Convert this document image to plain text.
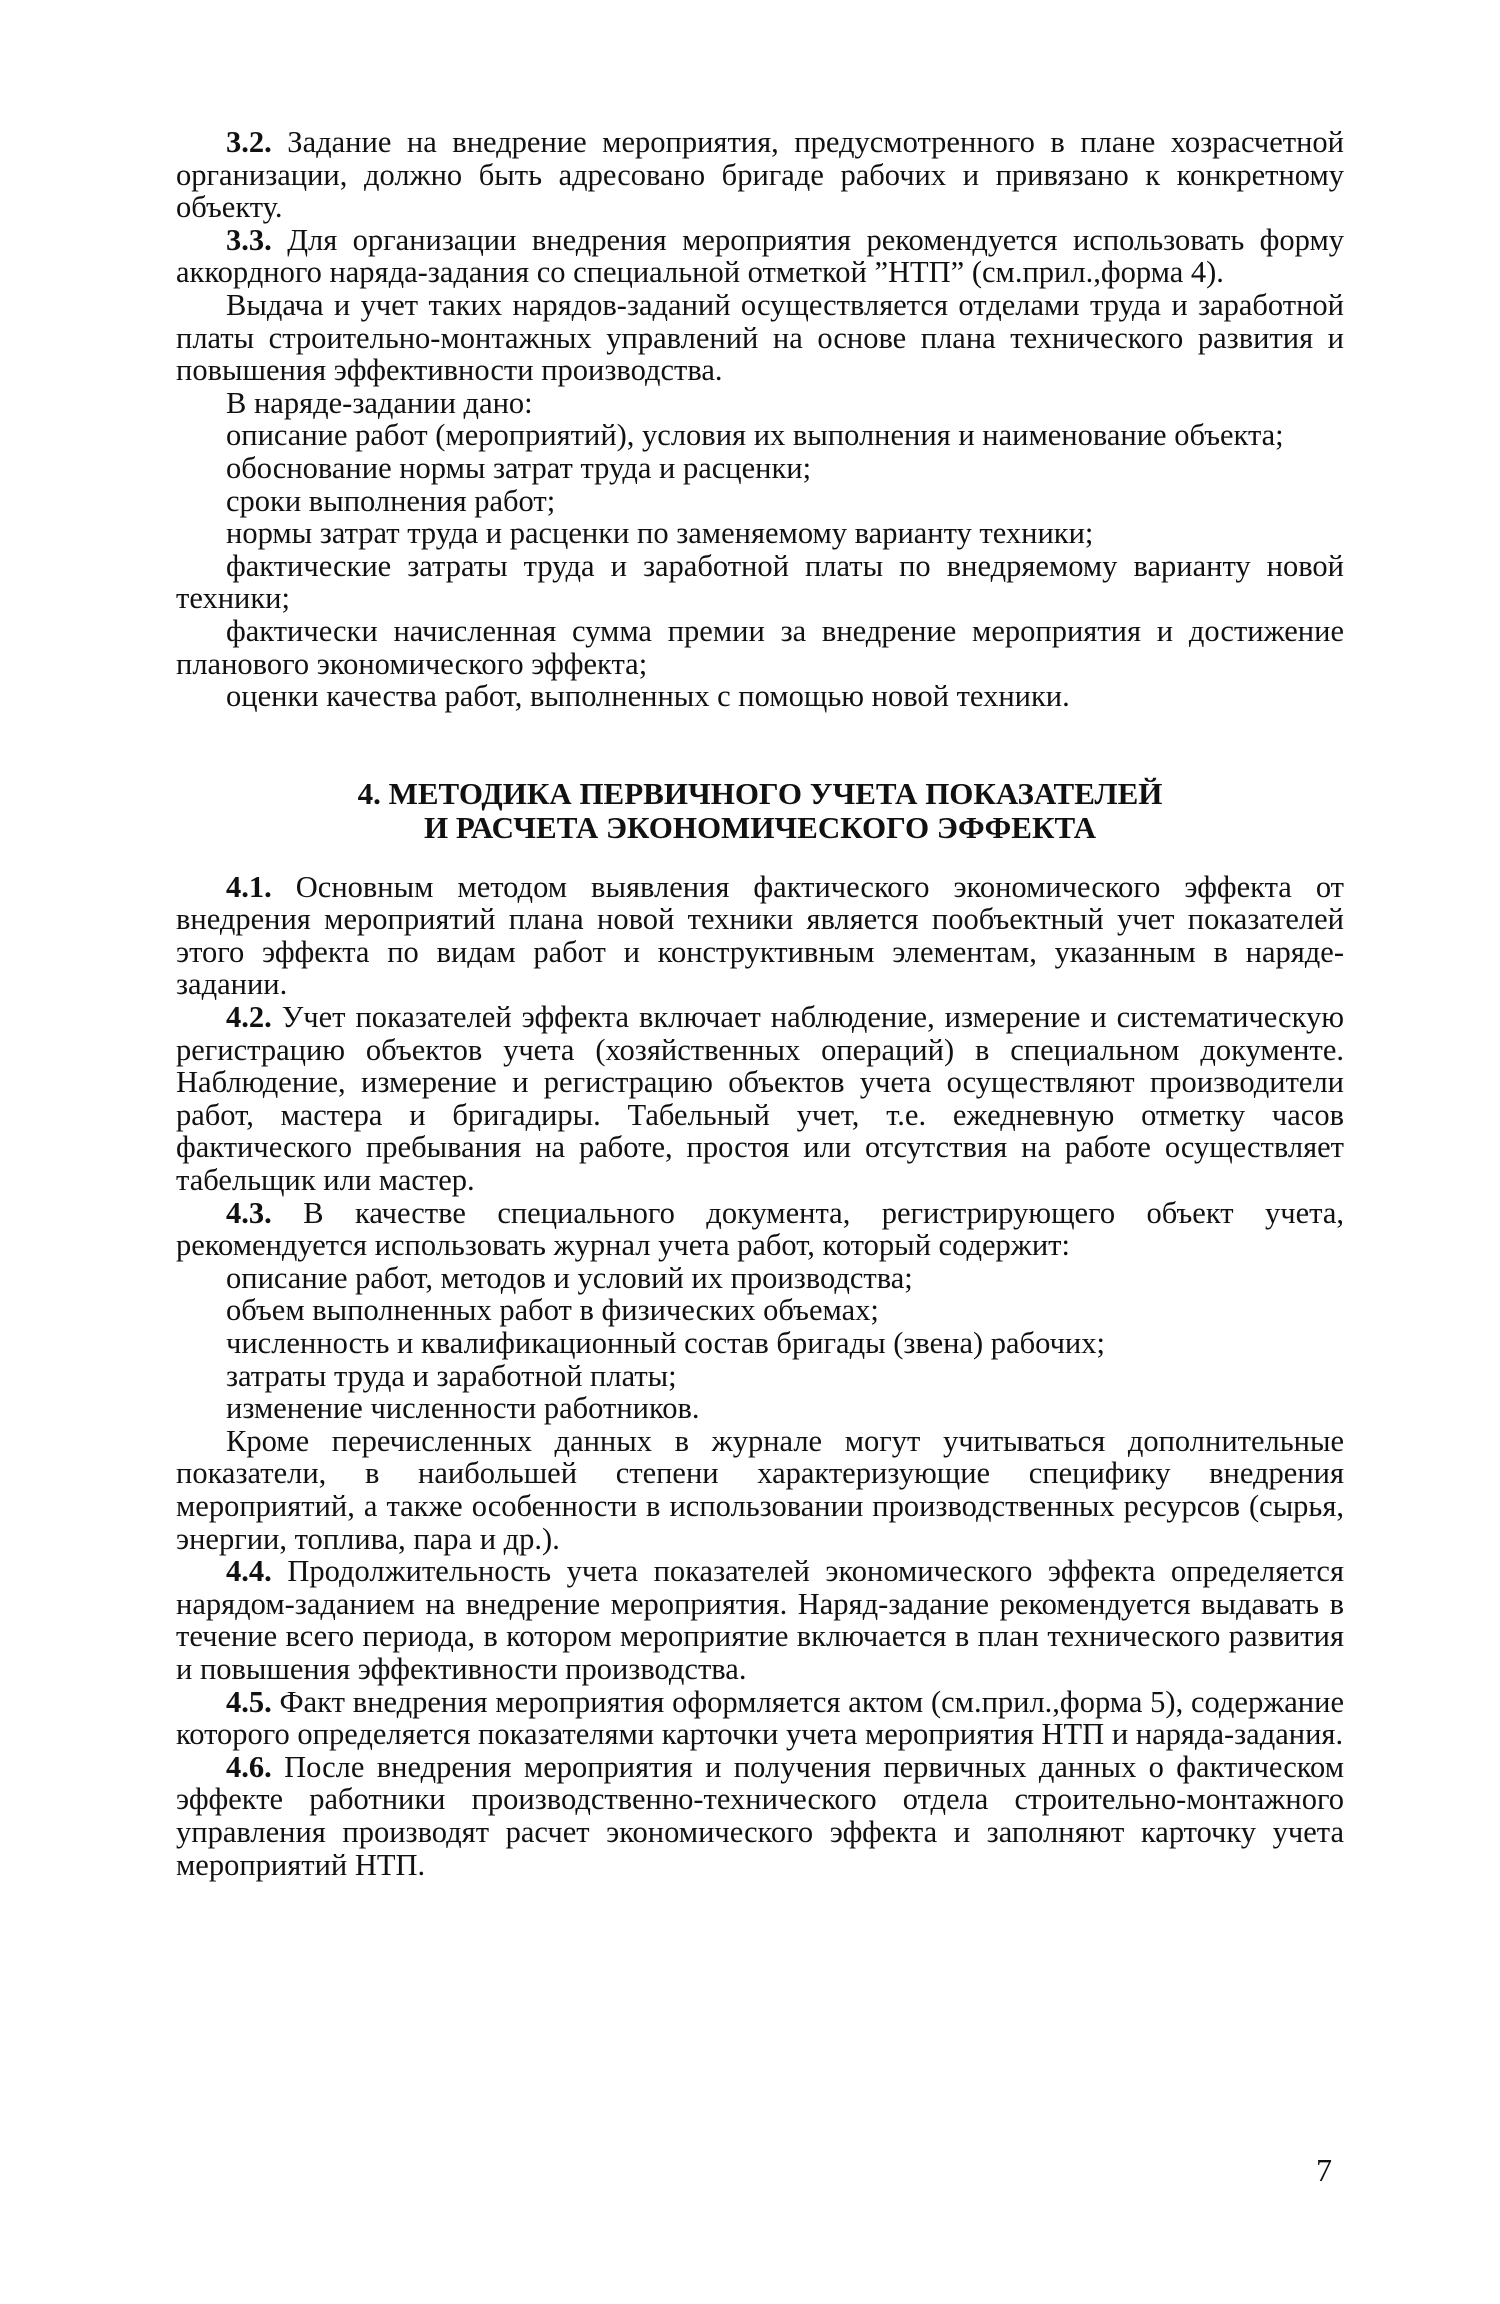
3.2. Задание на внедрение мероприятия, предусмотренного в плане хозрасчетной организации, должно быть адресовано бригаде рабочих и привязано к конкретному объекту.

3.3. Для организации внедрения мероприятия рекомендуется использовать форму аккордного наряда-задания со специальной отметкой ”НТП” (см.прил.,форма 4).

Выдача и учет таких нарядов-заданий осуществляется отделами труда и заработной платы строительно-монтажных управлений на основе плана технического развития и повышения эффективности производства.

В наряде-задании дано:

описание работ (мероприятий), условия их выполнения и наименование объекта;

обоснование нормы затрат труда и расценки;

сроки выполнения работ;

нормы затрат труда и расценки по заменяемому варианту техники;

фактические затраты труда и заработной платы по внедряемому варианту новой техники;

фактически начисленная сумма премии за внедрение мероприятия и достижение планового экономического эффекта;

оценки качества работ, выполненных с помощью новой техники.

4. МЕТОДИКА ПЕРВИЧНОГО УЧЕТА ПОКАЗАТЕЛЕЙ

И РАСЧЕТА ЭКОНОМИЧЕСКОГО ЭФФЕКТА

4.1. Основным методом выявления фактического экономического эффекта от внедрения мероприятий плана новой техники является пообъектный учет показателей этого эффекта по видам работ и конструктивным элементам, указанным в наряде-задании.

4.2. Учет показателей эффекта включает наблюдение, измерение и систематическую регистрацию объектов учета (хозяйственных операций) в специальном документе. Наблюдение, измерение и регистрацию объектов учета осуществляют производители работ, мастера и бригадиры. Табельный учет, т.е. ежедневную отметку часов фактического пребывания на работе, простоя или отсутствия на работе осуществляет табельщик или мастер.

4.3. В качестве специального документа, регистрирующего объект учета, рекомендуется использовать журнал учета работ, который содержит:

описание работ, методов и условий их производства;

объем выполненных работ в физических объемах;

численность и квалификационный состав бригады (звена) рабочих;

затраты труда и заработной платы;

изменение численности работников.

Кроме перечисленных данных в журнале могут учитываться дополнительные показатели, в наибольшей степени характеризующие специфику внедрения мероприятий, а также особенности в использовании производственных ресурсов (сырья, энергии, топлива, пара и др.).

4.4. Продолжительность учета показателей экономического эффекта определяется нарядом-заданием на внедрение мероприятия. Наряд-задание рекомендуется выдавать в течение всего периода, в котором мероприятие включается в план технического развития и повышения эффективности производства.

4.5. Факт внедрения мероприятия оформляется актом (см.прил.,форма 5), содержание которого определяется показателями карточки учета мероприятия НТП и наряда-задания.

4.6. После внедрения мероприятия и получения первичных данных о фактическом эффекте работники производственно-технического отдела строительно-монтажного управления производят расчет экономического эффекта и заполняют карточку учета мероприятий НТП.

7
